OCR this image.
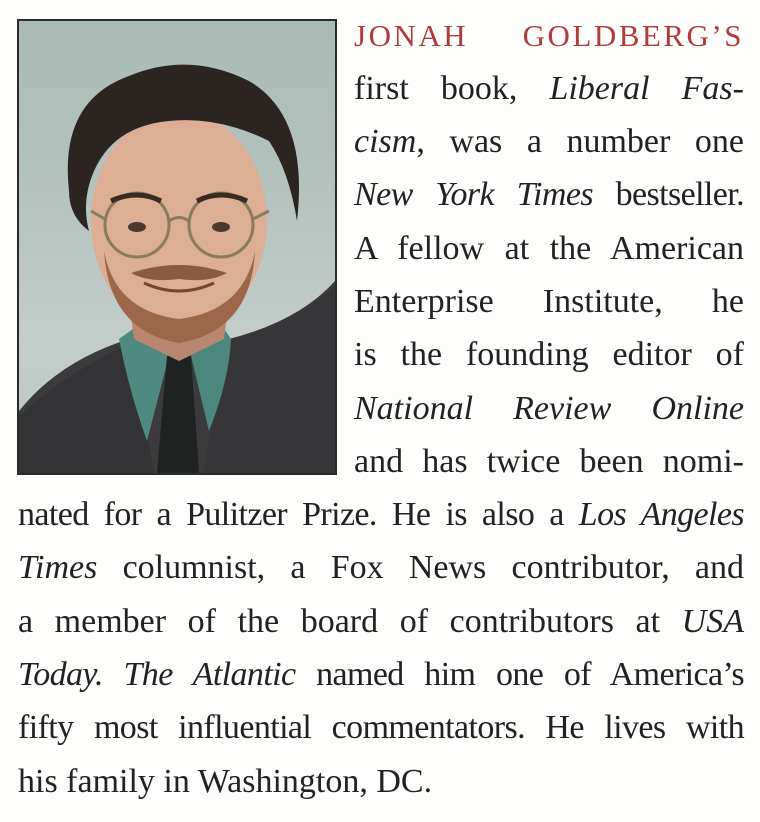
JONAH GOLDBERG’S
first book, Liberal Fas-
cism, was a number one
New York Times bestseller.
A fellow at the American
Enterprise Institute, he
is the founding editor of
National Review Online
and has twice been nomi-
nated for a Pulitzer Prize. He is also a Los Angeles
Times columnist, a Fox News contributor, and
a member of the board of contributors at USA
Today. The Atlantic named him one of America’s
fifty most influential commentators. He lives with
his family in Washington, DC.
